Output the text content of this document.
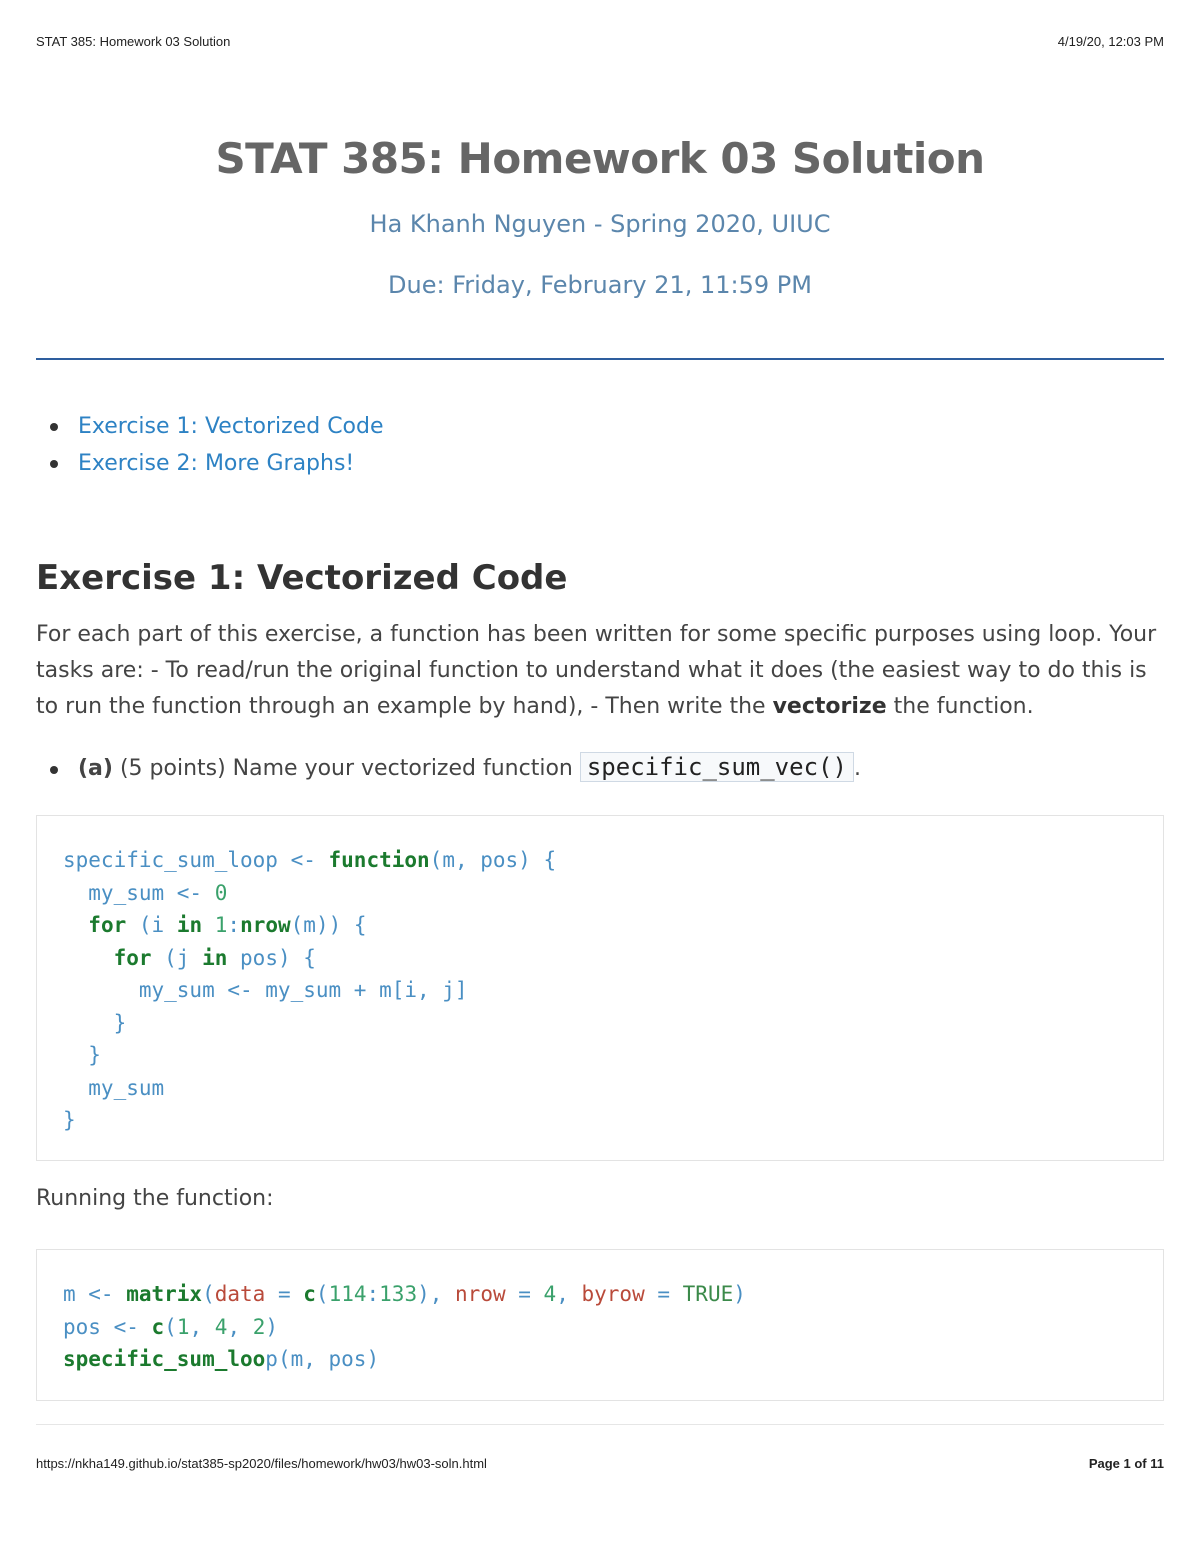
STAT 385: Homework 03 Solution	4/19/20, 12:03 PM
STAT 385: Homework 03 Solution
Ha Khanh Nguyen - Spring 2020, UIUC
Due: Friday, February 21, 11:59 PM
Exercise 1: Vectorized Code
Exercise 2: More Graphs!
Exercise 1: Vectorized Code
For each part of this exercise, a function has been written for some specific purposes using loop. Your tasks are: - To read/run the original function to understand what it does (the easiest way to do this is to run the function through an example by hand), - Then write the vectorize the function.
(a) (5 points) Name your vectorized function specific_sum_vec() .
specific_sum_loop <- function(m, pos) {
my_sum <- 0
for (i in 1:nrow(m)) {
for (j in pos) {
my_sum <- my_sum + m[i, j]
}
}
my_sum
}
Running the function:
m <- matrix(data = c(114:133), nrow = 4, byrow = TRUE)
pos <- c(1, 4, 2)
specific_sum_loop(m, pos)
https://nkha149.github.io/stat385-sp2020/files/homework/hw03/hw03-soln.html	Page 1 of 11
